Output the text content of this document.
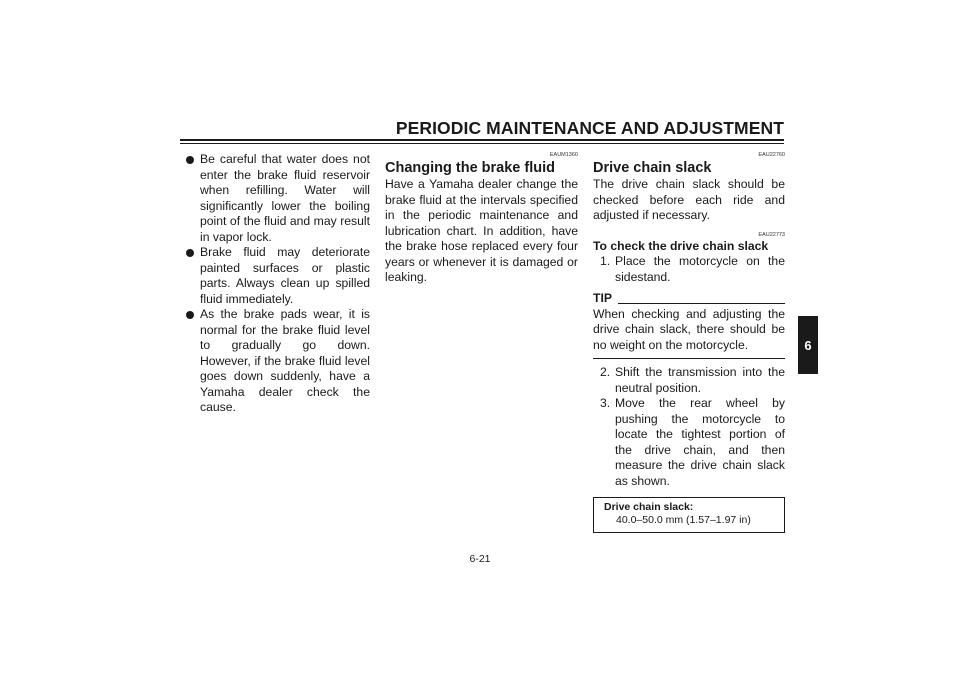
PERIODIC MAINTENANCE AND ADJUSTMENT
Be careful that water does not enter the brake fluid reservoir when refilling. Water will significantly lower the boiling point of the fluid and may result in vapor lock.
Brake fluid may deteriorate painted surfaces or plastic parts. Always clean up spilled fluid immediately.
As the brake pads wear, it is normal for the brake fluid level to gradually go down. However, if the brake fluid level goes down suddenly, have a Yamaha dealer check the cause.

EAUM1360

Changing the brake fluid

Have a Yamaha dealer change the brake fluid at the intervals specified in the periodic maintenance and lubrication chart. In addition, have the brake hose replaced every four years or whenever it is damaged or leaking.

EAU22760

Drive chain slack

The drive chain slack should be checked before each ride and adjusted if necessary.

EAU22773

To check the drive chain slack

1. Place the motorcycle on the sidestand.
TIP

When checking and adjusting the drive chain slack, there should be no weight on the motorcycle.

2. Shift the transmission into the neutral position.
3. Move the rear wheel by pushing the motorcycle to locate the tightest portion of the drive chain, and then measure the drive chain slack as shown.
Drive chain slack:
40.0–50.0 mm (1.57–1.97 in)
6
6-21
